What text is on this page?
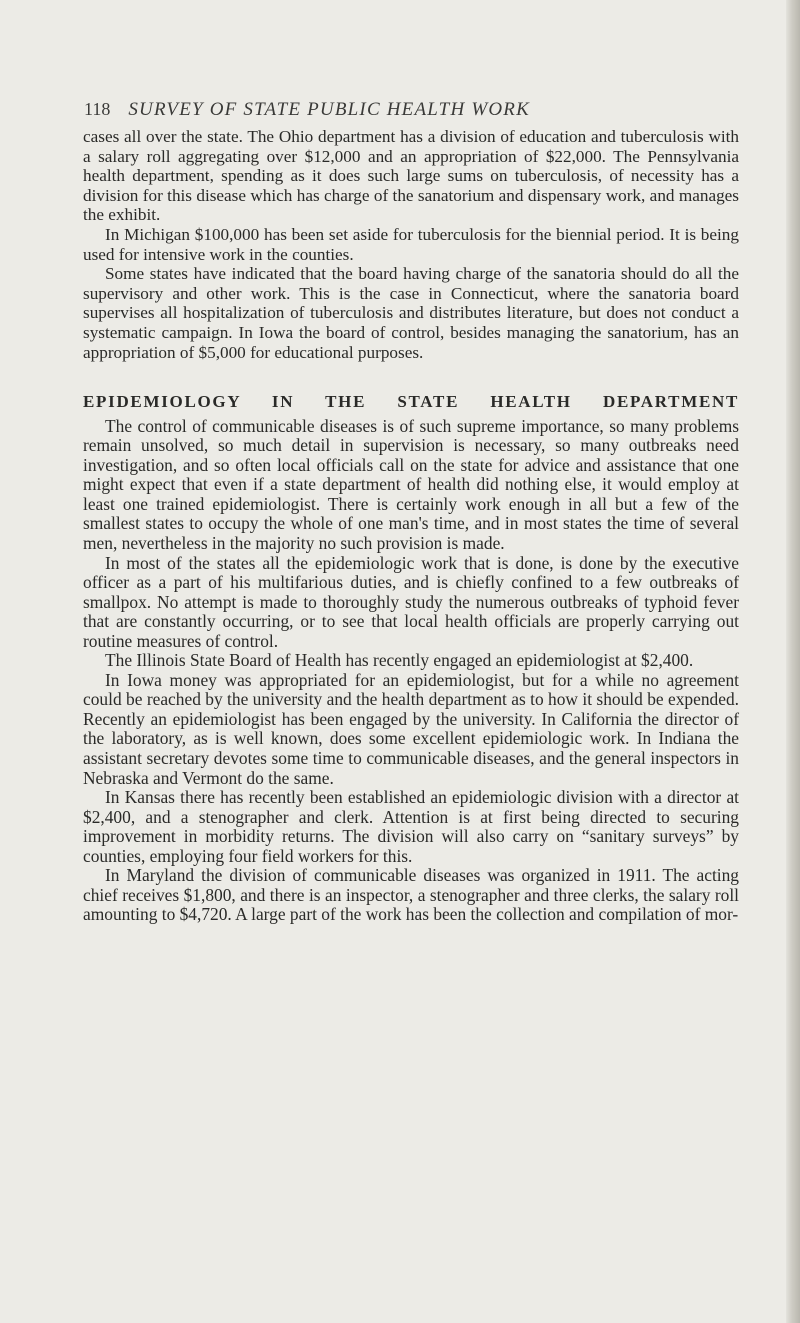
118 SURVEY OF STATE PUBLIC HEALTH WORK

cases all over the state. The Ohio department has a division of education and tuberculosis with a salary roll aggregating over $12,000 and an appropriation of $22,000. The Pennsylvania health department, spending as it does such large sums on tuberculosis, of necessity has a division for this disease which has charge of the sanatorium and dispensary work, and manages the exhibit.

In Michigan $100,000 has been set aside for tuberculosis for the biennial period. It is being used for intensive work in the counties.

Some states have indicated that the board having charge of the sanatoria should do all the supervisory and other work. This is the case in Connecticut, where the sanatoria board supervises all hospitalization of tuberculosis and distributes literature, but does not conduct a systematic campaign. In Iowa the board of control, besides managing the sanatorium, has an appropriation of $5,000 for educational purposes.

EPIDEMIOLOGY IN THE STATE HEALTH DEPARTMENT

The control of communicable diseases is of such supreme importance, so many problems remain unsolved, so much detail in supervision is necessary, so many outbreaks need investigation, and so often local officials call on the state for advice and assistance that one might expect that even if a state department of health did nothing else, it would employ at least one trained epidemiologist. There is certainly work enough in all but a few of the smallest states to occupy the whole of one man's time, and in most states the time of several men, nevertheless in the majority no such provision is made.

In most of the states all the epidemiologic work that is done, is done by the executive officer as a part of his multifarious duties, and is chiefly confined to a few outbreaks of smallpox. No attempt is made to thoroughly study the numerous outbreaks of typhoid fever that are constantly occurring, or to see that local health officials are properly carrying out routine measures of control.

The Illinois State Board of Health has recently engaged an epidemiologist at $2,400.

In Iowa money was appropriated for an epidemiologist, but for a while no agreement could be reached by the university and the health department as to how it should be expended. Recently an epidemiologist has been engaged by the university. In California the director of the laboratory, as is well known, does some excellent epidemiologic work. In Indiana the assistant secretary devotes some time to communicable diseases, and the general inspectors in Nebraska and Vermont do the same.

In Kansas there has recently been established an epidemiologic division with a director at $2,400, and a stenographer and clerk. Attention is at first being directed to securing improvement in morbidity returns. The division will also carry on “sanitary surveys” by counties, employing four field workers for this.

In Maryland the division of communicable diseases was organized in 1911. The acting chief receives $1,800, and there is an inspector, a stenographer and three clerks, the salary roll amounting to $4,720. A large part of the work has been the collection and compilation of mor-
